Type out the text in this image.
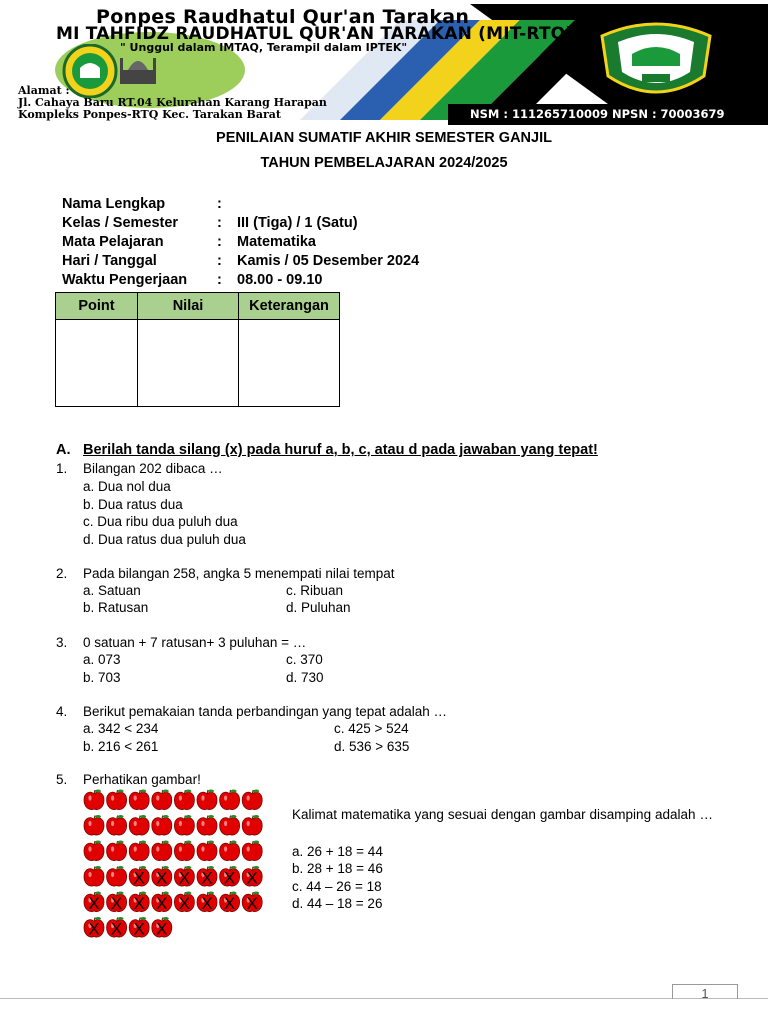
Ponpes Raudhatul Qur'an Tarakan
MI TAHFIDZ RAUDHATUL QUR'AN TARAKAN (MIT-RTQ)
" Unggul dalam IMTAQ, Terampil dalam IPTEK"
Alamat :
Jl. Cahaya Baru RT.04 Kelurahan Karang Harapan
Kompleks Ponpes-RTQ Kec. Tarakan Barat	NSM : 111265710009 NPSN : 70003679
PENILAIAN SUMATIF AKHIR SEMESTER GANJIL
TAHUN PEMBELAJARAN 2024/2025
Nama Lengkap	:
Kelas / Semester	: III (Tiga) / 1 (Satu)
Mata Pelajaran	: Matematika
Hari / Tanggal	: Kamis / 05 Desember 2024
Waktu Pengerjaan : 08.00 - 09.10
Point	Nilai	Keterangan

A. Berilah tanda silang (x) pada huruf a, b, c, atau d pada jawaban yang tepat!
1. Bilangan 202 dibaca …
a. Dua nol dua
b. Dua ratus dua
c. Dua ribu dua puluh dua
d. Dua ratus dua puluh dua
2. Pada bilangan 258, angka 5 menempati nilai tempat
a. Satuan	c. Ribuan
b. Ratusan	d. Puluhan
3. 0 satuan + 7 ratusan+ 3 puluhan = …
a. 073	c. 370
b. 703	d. 730
4. Berikut pemakaian tanda perbandingan yang tepat adalah …
a. 342 < 234	c. 425 > 524
b. 216 < 261	d. 536 > 635
5. Perhatikan gambar!
X X X X X X
X X X X X X X X
X X X X
Kalimat matematika yang sesuai dengan gambar disamping adalah …
a. 26 + 18 = 44
b. 28 + 18 = 46
c. 44 – 26 = 18
d. 44 – 18 = 26
1
